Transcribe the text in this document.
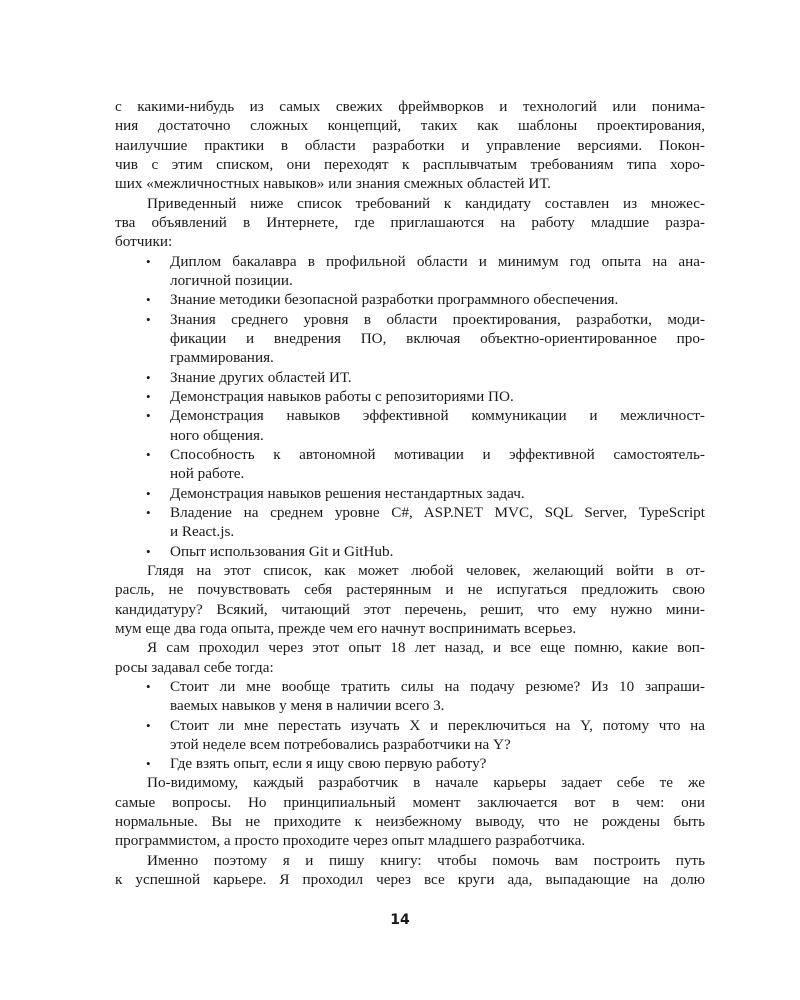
с какими-нибудь из самых свежих фреймворков и технологий или понима-
ния достаточно сложных концепций, таких как шаблоны проектирования,
наилучшие практики в области разработки и управление версиями. Покон-
чив с этим списком, они переходят к расплывчатым требованиям типа хоро-
ших «межличностных навыков» или знания смежных областей ИТ.
Приведенный ниже список требований к кандидату составлен из множес-
тва объявлений в Интернете, где приглашаются на работу младшие разра-
ботчики:
• Диплом бакалавра в профильной области и минимум год опыта на ана-
логичной позиции.
• Знание методики безопасной разработки программного обеспечения.
• Знания среднего уровня в области проектирования, разработки, моди-
фикации и внедрения ПО, включая объектно-ориентированное про-
граммирования.
• Знание других областей ИТ.
• Демонстрация навыков работы с репозиториями ПО.
• Демонстрация навыков эффективной коммуникации и межличност-
ного общения.
• Способность к автономной мотивации и эффективной самостоятель-
ной работе.
• Демонстрация навыков решения нестандартных задач.
• Владение на среднем уровне C#, ASP.NET MVC, SQL Server, TypeScript
и React.js.
• Опыт использования Git и GitHub.
Глядя на этот список, как может любой человек, желающий войти в от-
расль, не почувствовать себя растерянным и не испугаться предложить свою
кандидатуру? Всякий, читающий этот перечень, решит, что ему нужно мини-
мум еще два года опыта, прежде чем его начнут воспринимать всерьез.
Я сам проходил через этот опыт 18 лет назад, и все еще помню, какие воп-
росы задавал себе тогда:
• Стоит ли мне вообще тратить силы на подачу резюме? Из 10 запраши-
ваемых навыков у меня в наличии всего 3.
• Стоит ли мне перестать изучать X и переключиться на Y, потому что на
этой неделе всем потребовались разработчики на Y?
• Где взять опыт, если я ищу свою первую работу?
По-видимому, каждый разработчик в начале карьеры задает себе те же
самые вопросы. Но принципиальный момент заключается вот в чем: они
нормальные. Вы не приходите к неизбежному выводу, что не рождены быть
программистом, а просто проходите через опыт младшего разработчика.
Именно поэтому я и пишу книгу: чтобы помочь вам построить путь
к успешной карьере. Я проходил через все круги ада, выпадающие на долю
14
